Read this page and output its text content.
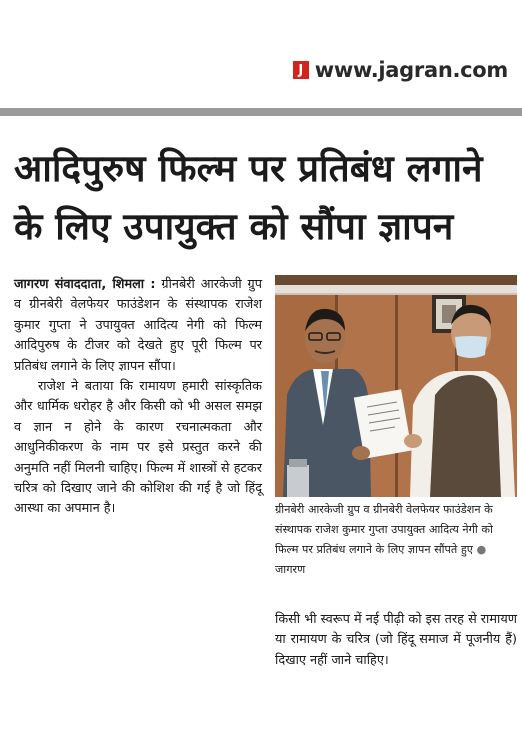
J www.jagran.com
आदिपुरुष फिल्म पर प्रतिबंध लगाने के लिए उपायुक्त को सौंपा ज्ञापन

जागरण संवाददाता, शिमला : ग्रीनबेरी आरकेजी ग्रुप व ग्रीनबेरी वेलफेयर फाउंडेशन के संस्थापक राजेश कुमार गुप्ता ने उपायुक्त आदित्य नेगी को फिल्म आदिपुरुष के टीजर को देखते हुए पूरी फिल्म पर प्रतिबंध लगाने के लिए ज्ञापन सौंपा।

राजेश ने बताया कि रामायण हमारी सांस्कृतिक और धार्मिक धरोहर है और किसी को भी असल समझ व ज्ञान न होने के कारण रचनात्मकता और आधुनिकीकरण के नाम पर इसे प्रस्तुत करने की अनुमति नहीं मिलनी चाहिए। फिल्म में शास्त्रों से हटकर चरित्र को दिखाए जाने की कोशिश की गई है जो हिंदू आस्था का अपमान है।	ग्रीनबेरी आरकेजी ग्रुप व ग्रीनबेरी वेलफेयर फाउंडेशन के संस्थापक राजेश कुमार गुप्ता उपायुक्त आदित्य नेगी को फिल्म पर प्रतिबंध लगाने के लिए ज्ञापन सौंपते हुए ● जागरण

किसी भी स्वरूप में नई पीढ़ी को इस तरह से रामायण या रामायण के चरित्र (जो हिंदू समाज में पूजनीय हैं) दिखाए नहीं जाने चाहिए।
